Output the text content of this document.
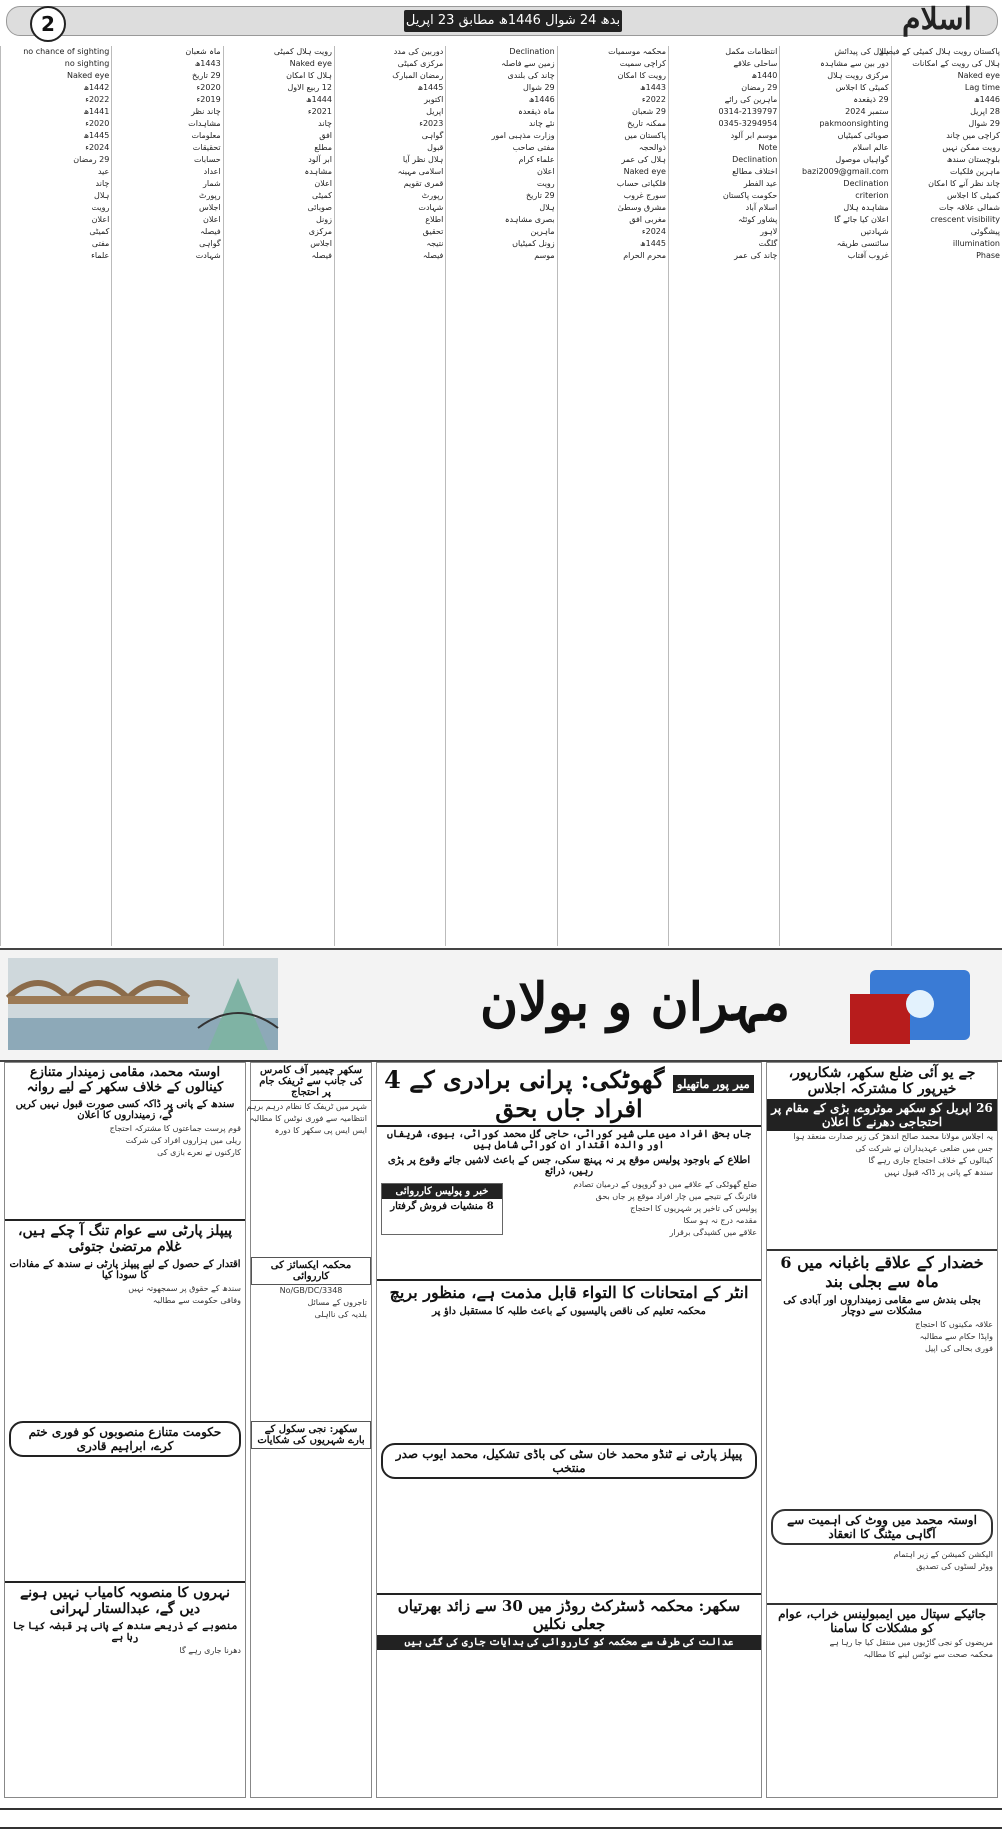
2	بدھ 24 شوال 1446ھ مطابق 23 اپریل 2025ء
اسلام
پاکستان رویت ہلال کمیٹی کے فیصلے
ہلال کی رویت کے امکانات
Naked eye
Lag time
1446ھ
28 اپریل
29 شوال
کراچی میں چاند
رویت ممکن نہیں
بلوچستان سندھ
ماہرین فلکیات
چاند نظر آنے کا امکان
کمیٹی کا اجلاس
شمالی علاقہ جات
crescent visibility
پیشگوئی
illumination
Phase
ہلال کی پیدائش
دور بین سے مشاہدہ
مرکزی رویت ہلال
کمیٹی کا اجلاس
29 ذیقعدہ
ستمبر 2024
pakmoonsighting
صوبائی کمیٹیاں
عالم اسلام
گواہیاں موصول
bazi2009@gmail.com
Declination
criterion
مشاہدہ ہلال
اعلان کیا جائے گا
شہادتیں
سائنسی طریقہ
غروب آفتاب
انتظامات مکمل
ساحلی علاقے
1440ھ
29 رمضان
ماہرین کی رائے
0314-2139797
0345-3294954
موسم ابر آلود
Note
Declination
اختلاف مطالع
عید الفطر
حکومت پاکستان
اسلام آباد
پشاور کوئٹہ
لاہور
گلگت
چاند کی عمر
محکمہ موسمیات
کراچی سمیت
رویت کا امکان
1443ھ
2022ء
29 شعبان
ممکنہ تاریخ
پاکستان میں
ذوالحجہ
ہلال کی عمر
Naked eye
فلکیاتی حساب
سورج غروب
مشرق وسطیٰ
مغربی افق
2024ء
1445ھ
محرم الحرام
Declination
زمین سے فاصلہ
چاند کی بلندی
29 شوال
1446ھ
ماہ ذیقعدہ
نئے چاند
وزارت مذہبی امور
مفتی صاحب
علماء کرام
اعلان
رویت
29 تاریخ
ہلال
بصری مشاہدہ
ماہرین
زونل کمیٹیاں
موسم
دوربین کی مدد
مرکزی کمیٹی
رمضان المبارک
1445ھ
اکتوبر
اپریل
2023ء
گواہی
قبول
ہلال نظر آیا
اسلامی مہینہ
قمری تقویم
رپورٹ
شہادت
اطلاع
تحقیق
نتیجہ
فیصلہ
رویت ہلال کمیٹی
Naked eye
ہلال کا امکان
12 ربیع الاول
1444ھ
2021ء
چاند
افق
مطلع
ابر آلود
مشاہدہ
اعلان
کمیٹی
صوبائی
زونل
مرکزی
اجلاس
فیصلہ
ماہ شعبان
1443ھ
29 تاریخ
2020ء
2019ء
چاند نظر
مشاہدات
معلومات
تحقیقات
حسابات
اعداد
شمار
رپورٹ
اجلاس
اعلان
فیصلہ
گواہی
شہادت
no chance of sighting
no sighting
Naked eye
1442ھ
2022ء
1441ھ
2020ء
1445ھ
2024ء
29 رمضان
عید
چاند
ہلال
رویت
اعلان
کمیٹی
مفتی
علماء
مہران و بولان
جے یو آئی ضلع سکھر، شکارپور، خیرپور کا مشترکہ اجلاس
26 اپریل کو سکھر موٹروے، بڑی کے مقام پر احتجاجی دھرنے کا اعلان
یہ اجلاس مولانا محمد صالح اندھڑ کی زیر صدارت منعقد ہوا
جس میں ضلعی عہدیداران نے شرکت کی
کینالوں کے خلاف احتجاج جاری رہے گا
سندھ کے پانی پر ڈاکہ قبول نہیں
خضدار کے علاقے باغبانہ میں 6 ماہ سے بجلی بند
بجلی بندش سے مقامی زمینداروں اور آبادی کی مشکلات سے دوچار
علاقہ مکینوں کا احتجاج
واپڈا حکام سے مطالبہ
فوری بحالی کی اپیل
اوستہ محمد میں ووٹ کی اہمیت سے آگاہی میٹنگ کا انعقاد
الیکشن کمیشن کے زیر اہتمام
ووٹر لسٹوں کی تصدیق
جائیکے سپتال میں ایمبولینس خراب، عوام کو مشکلات کا سامنا
مریضوں کو نجی گاڑیوں میں منتقل کیا جا رہا ہے
محکمہ صحت سے نوٹس لینے کا مطالبہ
میر پور ماتھیلو گھوٹکی: پرانی برادری کے 4 افراد جاں بحق
جاں بحق افراد میں علی شیر کوراٹی، حاجی گل محمد کوراٹی، بیوی، شریفاں اور والدہ اقتدار ان کوراٹی شامل ہیں
اطلاع کے باوجود پولیس موقع پر نہ پہنچ سکی، جس کے باعث لاشیں جائے وقوع پر پڑی رہیں، ذرائع
خبر و پولیس کارروائی
8 منشیات فروش گرفتار
ضلع گھوٹکی کے علاقے میں دو گروپوں کے درمیان تصادم
فائرنگ کے نتیجے میں چار افراد موقع پر جاں بحق
پولیس کی تاخیر پر شہریوں کا احتجاج
مقدمہ درج نہ ہو سکا
علاقے میں کشیدگی برقرار
انٹر کے امتحانات کا التواء قابل مذمت ہے، منظور بریچ
محکمہ تعلیم کی ناقص پالیسیوں کے باعث طلبہ کا مستقبل داؤ پر
پیپلز پارٹی نے ٹنڈو محمد خان سٹی کی باڈی تشکیل، محمد ایوب صدر منتخب
سکھر: محکمہ ڈسٹرکٹ روڈز میں 30 سے زائد بھرتیاں جعلی نکلیں
عدالت کی طرف سے محکمہ کو کارروائی کی ہدایات جاری کی گئی ہیں
سکھر چیمبر آف کامرس کی جانب سے ٹریفک جام پر احتجاج
شہر میں ٹریفک کا نظام درہم برہم
انتظامیہ سے فوری نوٹس کا مطالبہ
ایس ایس پی سکھر کا دورہ
محکمہ ایکسائز کی کارروائی
No/GB/DC/3348
تاجروں کے مسائل
بلدیہ کی نااہلی
سکھر: نجی سکول کے بارے شہریوں کی شکایات
اوستہ محمد، مقامی زمیندار متنازع کینالوں کے خلاف سکھر کے لیے روانہ
سندھ کے پانی پر ڈاکہ کسی صورت قبول نہیں کریں گے، زمینداروں کا اعلان
قوم پرست جماعتوں کا مشترکہ احتجاج
ریلی میں ہزاروں افراد کی شرکت
کارکنوں نے نعرے بازی کی
پیپلز پارٹی سے عوام تنگ آ چکے ہیں، غلام مرتضیٰ جتوئی
اقتدار کے حصول کے لیے پیپلز پارٹی نے سندھ کے مفادات کا سودا کیا
سندھ کے حقوق پر سمجھوتہ نہیں
وفاقی حکومت سے مطالبہ
حکومت متنازع منصوبوں کو فوری ختم کرے، ابراہیم قادری
نہروں کا منصوبہ کامیاب نہیں ہونے دیں گے، عبدالستار لہرانی
منصوبے کے ذریعے سندھ کے پانی پر قبضہ کیا جا رہا ہے
دھرنا جاری رہے گا
